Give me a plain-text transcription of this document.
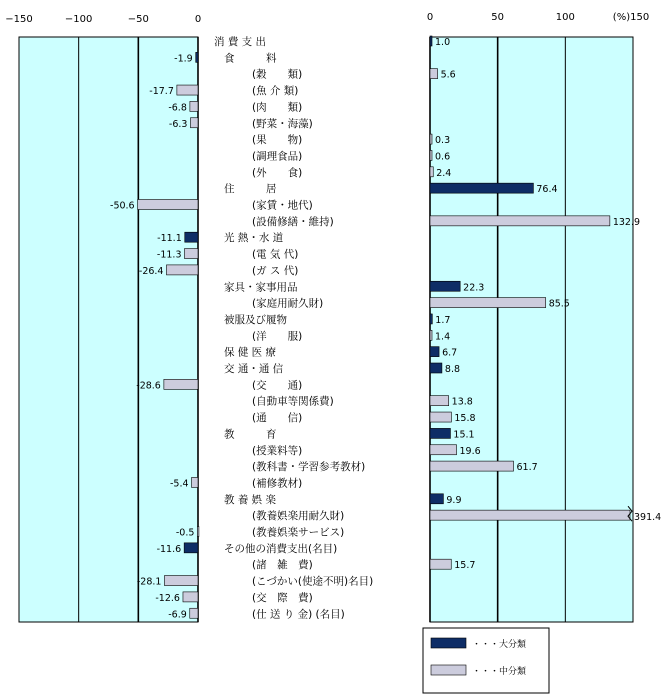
−150	−100	−50	0
-1.9
-17.7
-6.8
-6.3
-50.6
-11.1
-11.3
-26.4
-28.6
-5.4
-0.5
-11.6
-28.1
-12.6
-6.9
0	50	100	(%)150
1.0
5.6
0.3
0.6
2.4
76.4
132.9
22.3
85.5
1.7
1.4
6.7
8.8
13.8
15.8
15.1
19.6
61.7
9.9
391.4
15.7
消 費 支 出
食　　　料
(穀　　類)
(魚 介 類)
(肉　　類)
(野菜・海藻)
(果　　物)
(調理食品)
(外　　食)
住　　　居
(家賃・地代)
(設備修繕・維持)
光 熱・水 道
(電 気 代)
(ガ ス 代)
家具・家事用品
(家庭用耐久財)
被服及び履物
(洋　　服)
保 健 医 療
交 通・通 信
(交　　通)
(自動車等関係費)
(通　　信)
教　　　育
(授業料等)
(教科書・学習参考教材)
(補修教材)
教 養 娯 楽
(教養娯楽用耐久財)
(教養娯楽サービス)
その他の消費支出(名目)
(諸　雑　費)
(こづかい(使途不明)名目)
(交　際　費)
(仕 送 り 金) (名目)
・・・大分類
・・・中分類
